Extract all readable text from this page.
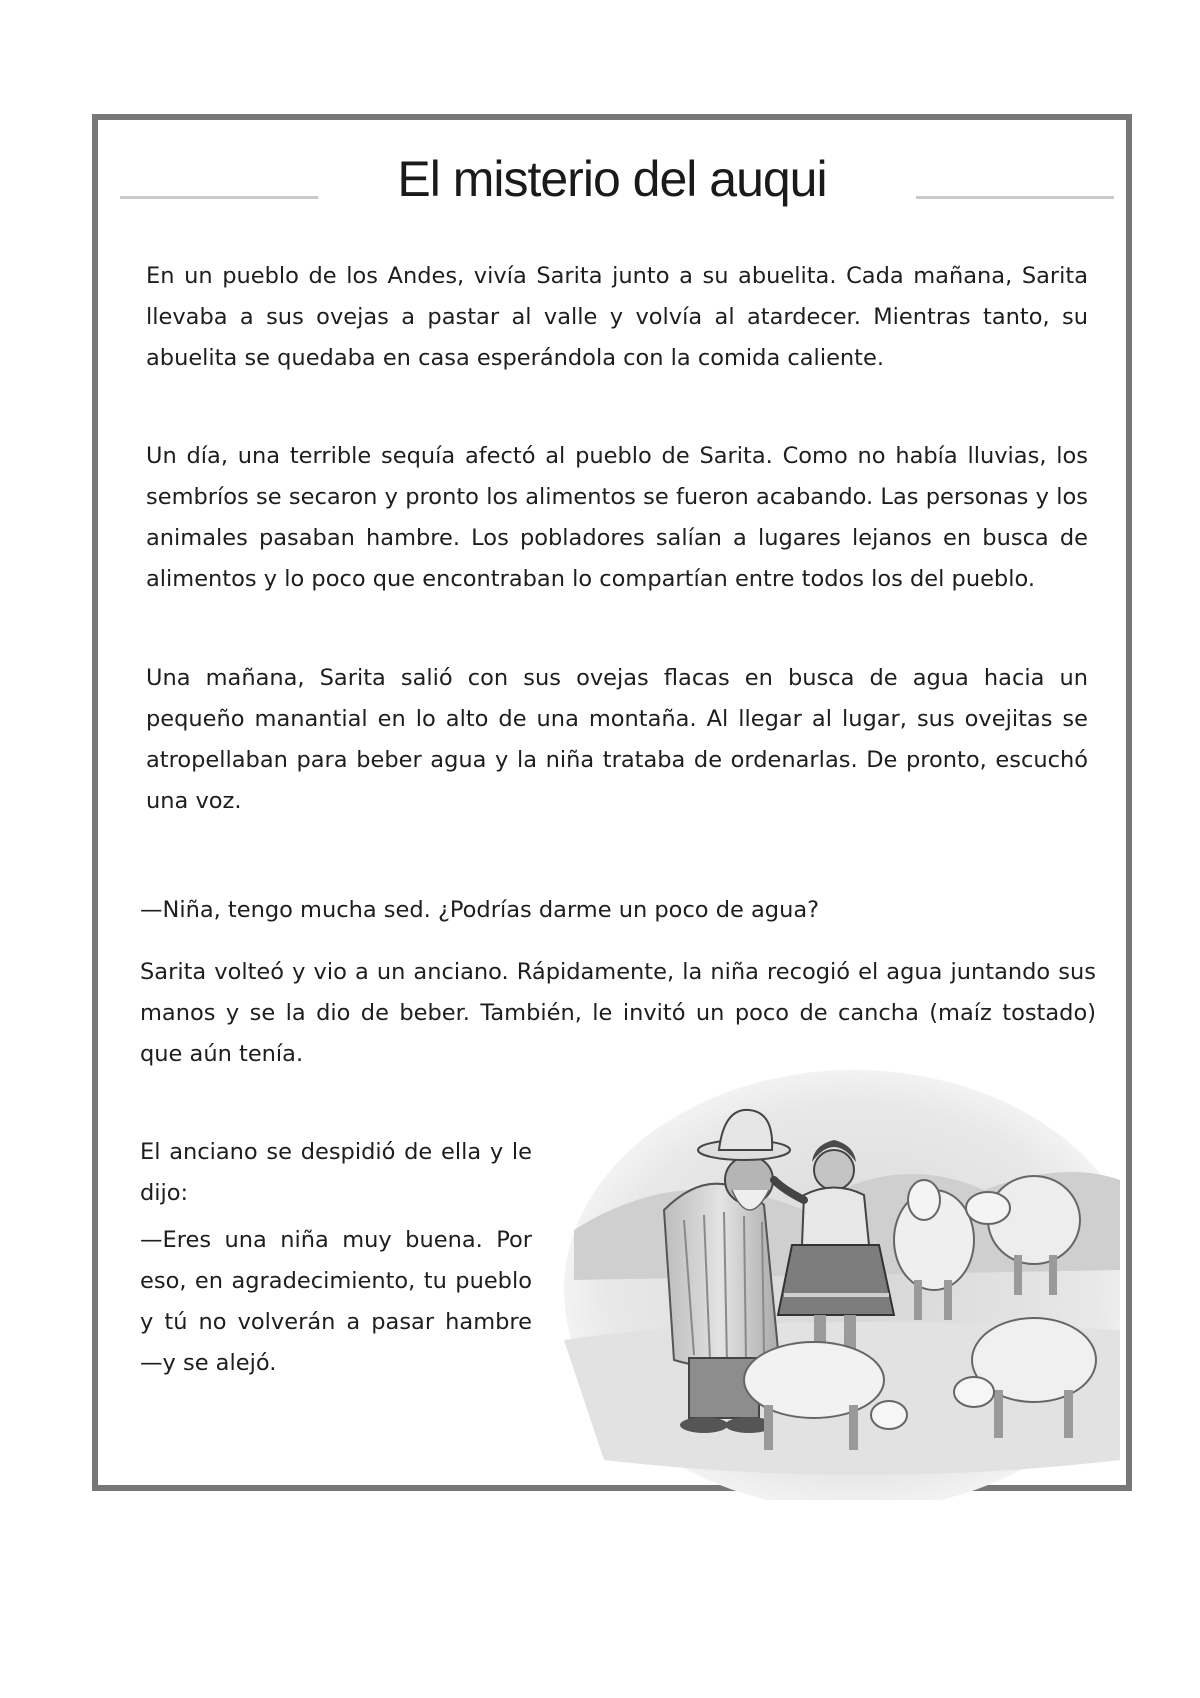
El misterio del auqui

En un pueblo de los Andes, vivía Sarita junto a su abuelita. Cada mañana, Sarita llevaba a sus ovejas a pastar al valle y volvía al atardecer. Mientras tanto, su abuelita se quedaba en casa esperándola con la comida caliente.

Un día, una terrible sequía afectó al pueblo de Sarita. Como no había lluvias, los sembríos se secaron y pronto los alimentos se fueron acabando. Las personas y los animales pasaban hambre. Los pobladores salían a lugares lejanos en busca de alimentos y lo poco que encontraban lo compartían entre todos los del pueblo.

Una mañana, Sarita salió con sus ovejas flacas en busca de agua hacia un pequeño manantial en lo alto de una montaña. Al llegar al lugar, sus ovejitas se atropellaban para beber agua y la niña trataba de ordenarlas. De pronto, escuchó una voz.

—Niña, tengo mucha sed. ¿Podrías darme un poco de agua?

Sarita volteó y vio a un anciano. Rápidamente, la niña recogió el agua juntando sus manos y se la dio de beber. También, le invitó un poco de cancha (maíz tostado) que aún tenía.

El anciano se despidió de ella y le dijo:

—Eres una niña muy buena. Por eso, en agradecimiento, tu pueblo y tú no volverán a pasar hambre —y se alejó.
